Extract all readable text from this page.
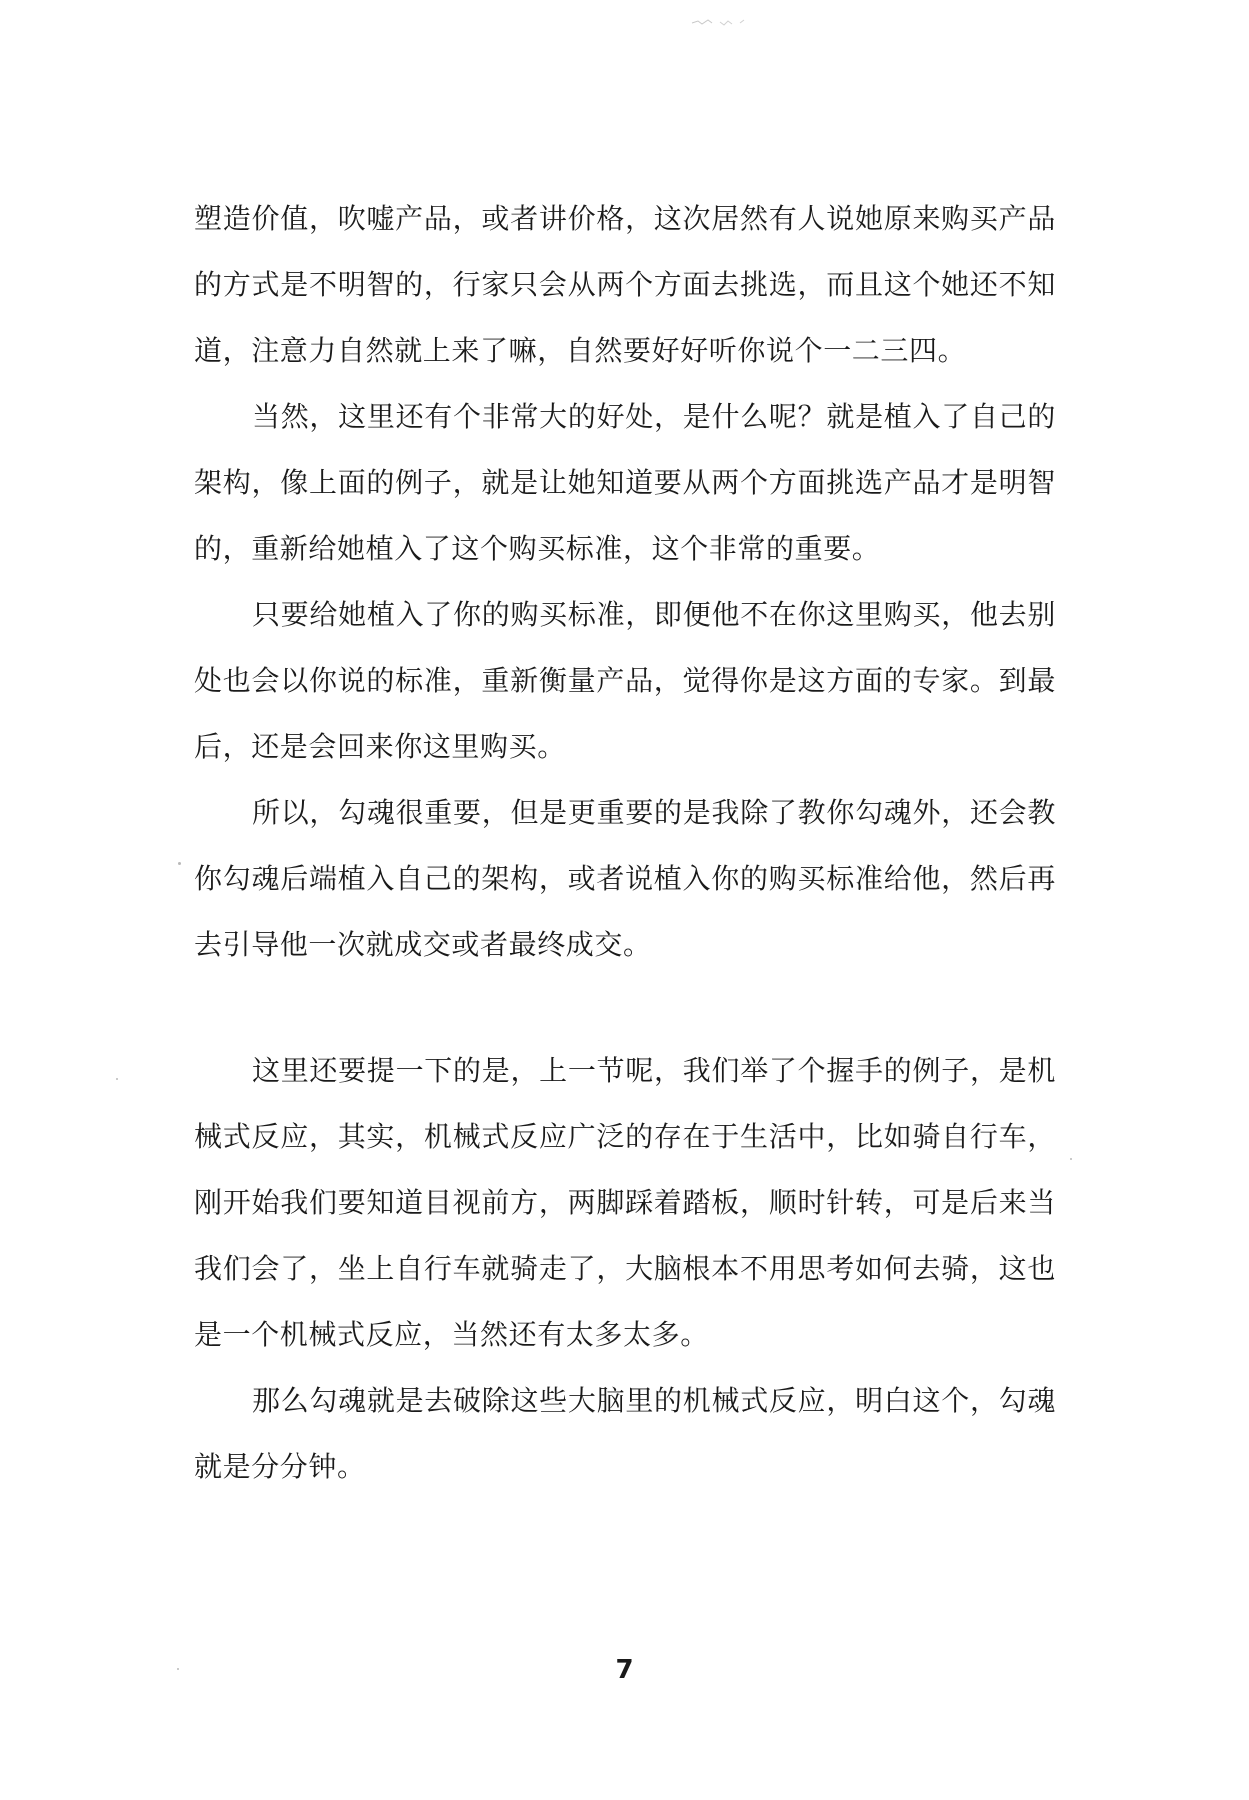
塑造价值，吹嘘产品，或者讲价格，这次居然有人说她原来购买产品的方式是不明智的，行家只会从两个方面去挑选，而且这个她还不知道，注意力自然就上来了嘛，自然要好好听你说个一二三四。

当然，这里还有个非常大的好处，是什么呢？就是植入了自己的架构，像上面的例子，就是让她知道要从两个方面挑选产品才是明智的，重新给她植入了这个购买标准，这个非常的重要。

只要给她植入了你的购买标准，即便他不在你这里购买，他去别处也会以你说的标准，重新衡量产品，觉得你是这方面的专家。到最后，还是会回来你这里购买。

所以，勾魂很重要，但是更重要的是我除了教你勾魂外，还会教你勾魂后端植入自己的架构，或者说植入你的购买标准给他，然后再去引导他一次就成交或者最终成交。

这里还要提一下的是，上一节呢，我们举了个握手的例子，是机械式反应，其实，机械式反应广泛的存在于生活中，比如骑自行车，刚开始我们要知道目视前方，两脚踩着踏板，顺时针转，可是后来当我们会了，坐上自行车就骑走了，大脑根本不用思考如何去骑，这也是一个机械式反应，当然还有太多太多。

那么勾魂就是去破除这些大脑里的机械式反应，明白这个，勾魂就是分分钟。

7
